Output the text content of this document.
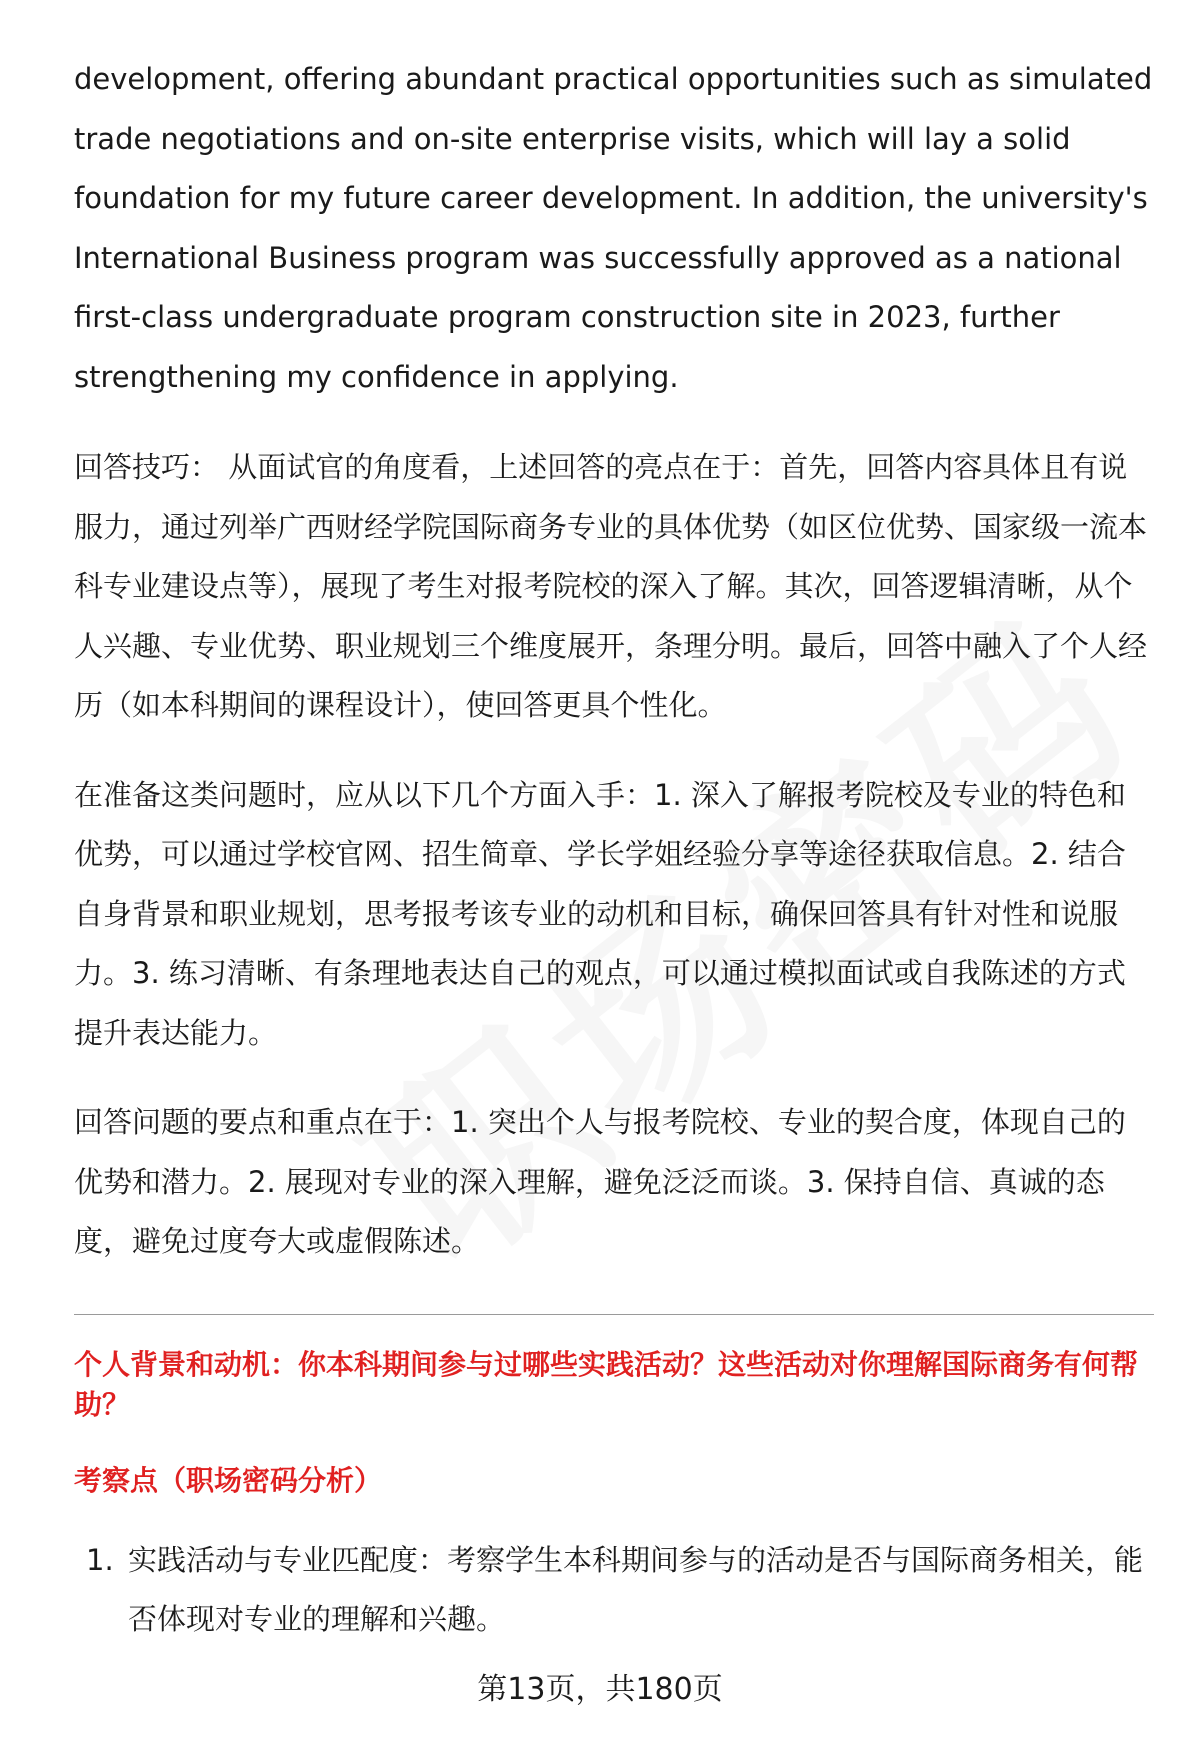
development, offering abundant practical opportunities such as simulated trade negotiations and on-site enterprise visits, which will lay a solid foundation for my future career development. In addition, the university's International Business program was successfully approved as a national first-class undergraduate program construction site in 2023, further strengthening my confidence in applying.

回答技巧： 从面试官的角度看，上述回答的亮点在于：首先，回答内容具体且有说服力，通过列举广西财经学院国际商务专业的具体优势（如区位优势、国家级一流本科专业建设点等），展现了考生对报考院校的深入了解。其次，回答逻辑清晰，从个人兴趣、专业优势、职业规划三个维度展开，条理分明。最后，回答中融入了个人经历（如本科期间的课程设计），使回答更具个性化。

在准备这类问题时，应从以下几个方面入手：1. 深入了解报考院校及专业的特色和优势，可以通过学校官网、招生简章、学长学姐经验分享等途径获取信息。2. 结合自身背景和职业规划，思考报考该专业的动机和目标，确保回答具有针对性和说服力。3. 练习清晰、有条理地表达自己的观点，可以通过模拟面试或自我陈述的方式提升表达能力。

回答问题的要点和重点在于：1. 突出个人与报考院校、专业的契合度，体现自己的优势和潜力。2. 展现对专业的深入理解，避免泛泛而谈。3. 保持自信、真诚的态度，避免过度夸大或虚假陈述。

个人背景和动机：你本科期间参与过哪些实践活动？这些活动对你理解国际商务有何帮助？
考察点（职场密码分析）
1. 实践活动与专业匹配度：考察学生本科期间参与的活动是否与国际商务相关，能否体现对专业的理解和兴趣。
第13页，共180页
